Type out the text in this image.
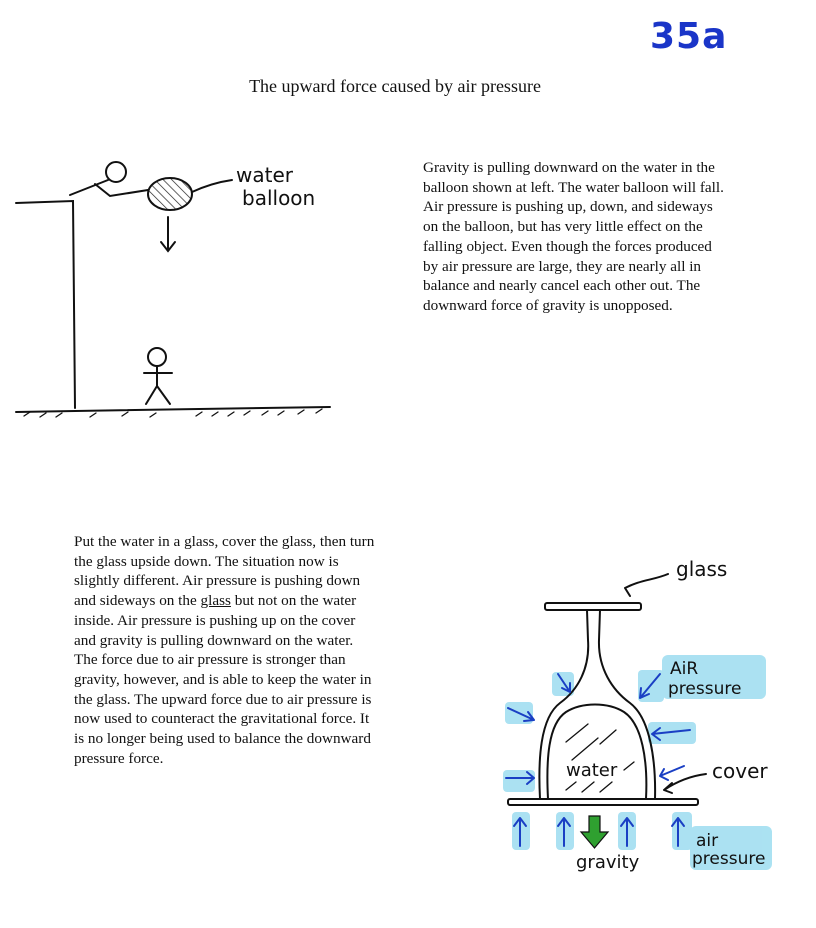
35a
The upward force caused by air pressure
Gravity is pulling downward on the water in the balloon shown at left. The water balloon will fall. Air pressure is pushing up, down, and sideways on the balloon, but has very little effect on the falling object. Even though the forces produced by air pressure are large, they are nearly all in balance and nearly cancel each other out. The downward force of gravity is unopposed.
Put the water in a glass, cover the glass, then turn the glass upside down. The situation now is slightly different. Air pressure is pushing down and sideways on the glass but not on the water inside. Air pressure is pushing up on the cover and gravity is pulling downward on the water. The force due to air pressure is stronger than gravity, however, and is able to keep the water in the glass. The upward force due to air pressure is now used to counteract the gravitational force. It is no longer being used to balance the downward pressure force.
water
balloon
glass
AiR
pressure
water	cover
air
pressure
gravity
